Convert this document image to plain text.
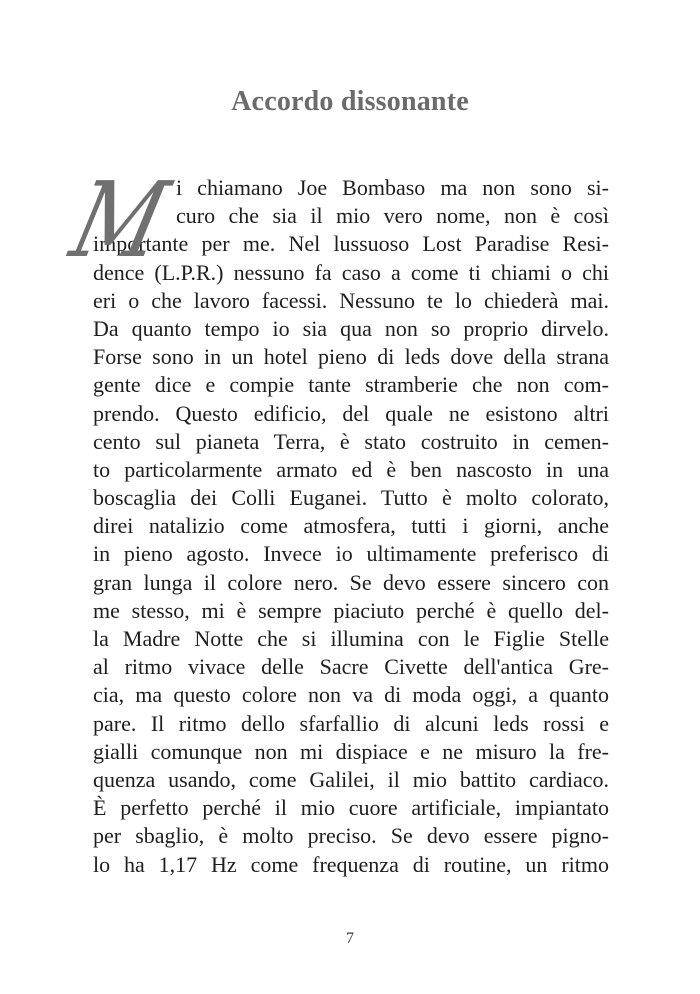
Accordo dissonante
M
i chiamano Joe Bombaso ma non sono si-
curo che sia il mio vero nome, non è così
importante per me. Nel lussuoso Lost Paradise Resi-
dence (L.P.R.) nessuno fa caso a come ti chiami o chi
eri o che lavoro facessi. Nessuno te lo chiederà mai.
Da quanto tempo io sia qua non so proprio dirvelo.
Forse sono in un hotel pieno di leds dove della strana
gente dice e compie tante stramberie che non com-
prendo. Questo edificio, del quale ne esistono altri
cento sul pianeta Terra, è stato costruito in cemen-
to particolarmente armato ed è ben nascosto in una
boscaglia dei Colli Euganei. Tutto è molto colorato,
direi natalizio come atmosfera, tutti i giorni, anche
in pieno agosto. Invece io ultimamente preferisco di
gran lunga il colore nero. Se devo essere sincero con
me stesso, mi è sempre piaciuto perché è quello del-
la Madre Notte che si illumina con le Figlie Stelle
al ritmo vivace delle Sacre Civette dell'antica Gre-
cia, ma questo colore non va di moda oggi, a quanto
pare. Il ritmo dello sfarfallio di alcuni leds rossi e
gialli comunque non mi dispiace e ne misuro la fre-
quenza usando, come Galilei, il mio battito cardiaco.
È perfetto perché il mio cuore artificiale, impiantato
per sbaglio, è molto preciso. Se devo essere pigno-
lo ha 1,17 Hz come frequenza di routine, un ritmo
7
